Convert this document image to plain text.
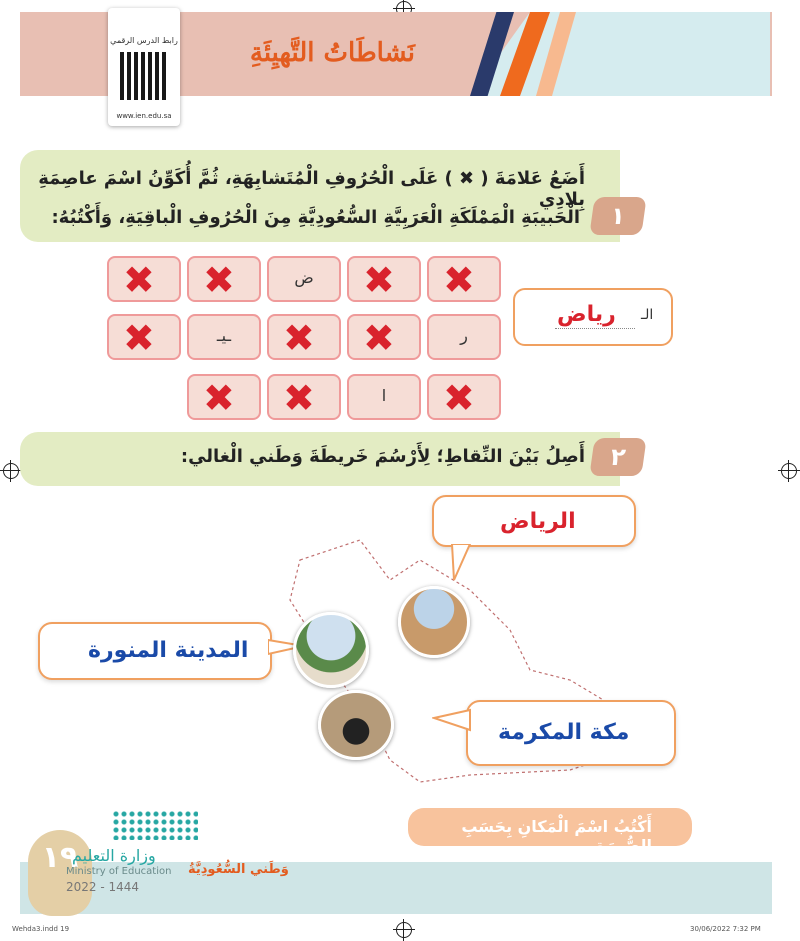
نَشاطَاتُ التَّهيِئَةِ
رابط الدرس الرقمي
www.ien.edu.sa
١
أَضَعُ عَلامَةَ ( ✖ ) عَلَى الْحُرُوفِ الْمُتَشابِهَةِ، ثُمَّ أُكَوِّنُ اسْمَ عاصِمَةِ بِلادِي
الْحَبيبَةِ الْمَمْلَكَةِ الْعَرَبِيَّةِ السُّعُودِيَّةِ مِنَ الْحُرُوفِ الْباقِيَةِ، وَأَكْتُبُهُ:
✖
✖
ض
✖
✖
ر
✖
✖
ـيـ
✖
✖
ا
✖
✖
الـ
رياض
٢
أَصِلُ بَيْنَ النِّقاطِ؛ لِأَرْسُمَ خَريطَةَ وَطَني الْغالي:
الرياض
المدينة المنورة
مكة المكرمة
أَكْتُبُ اسْمَ الْمَكانِ بِحَسَبِ الصُّورَةِ.
١٩
وزارة التعليم
Ministry of Education
2022 - 1444
وَطَني السُّعُودِيَّةُ
Wehda3.indd 19	30/06/2022 7:32 PM
